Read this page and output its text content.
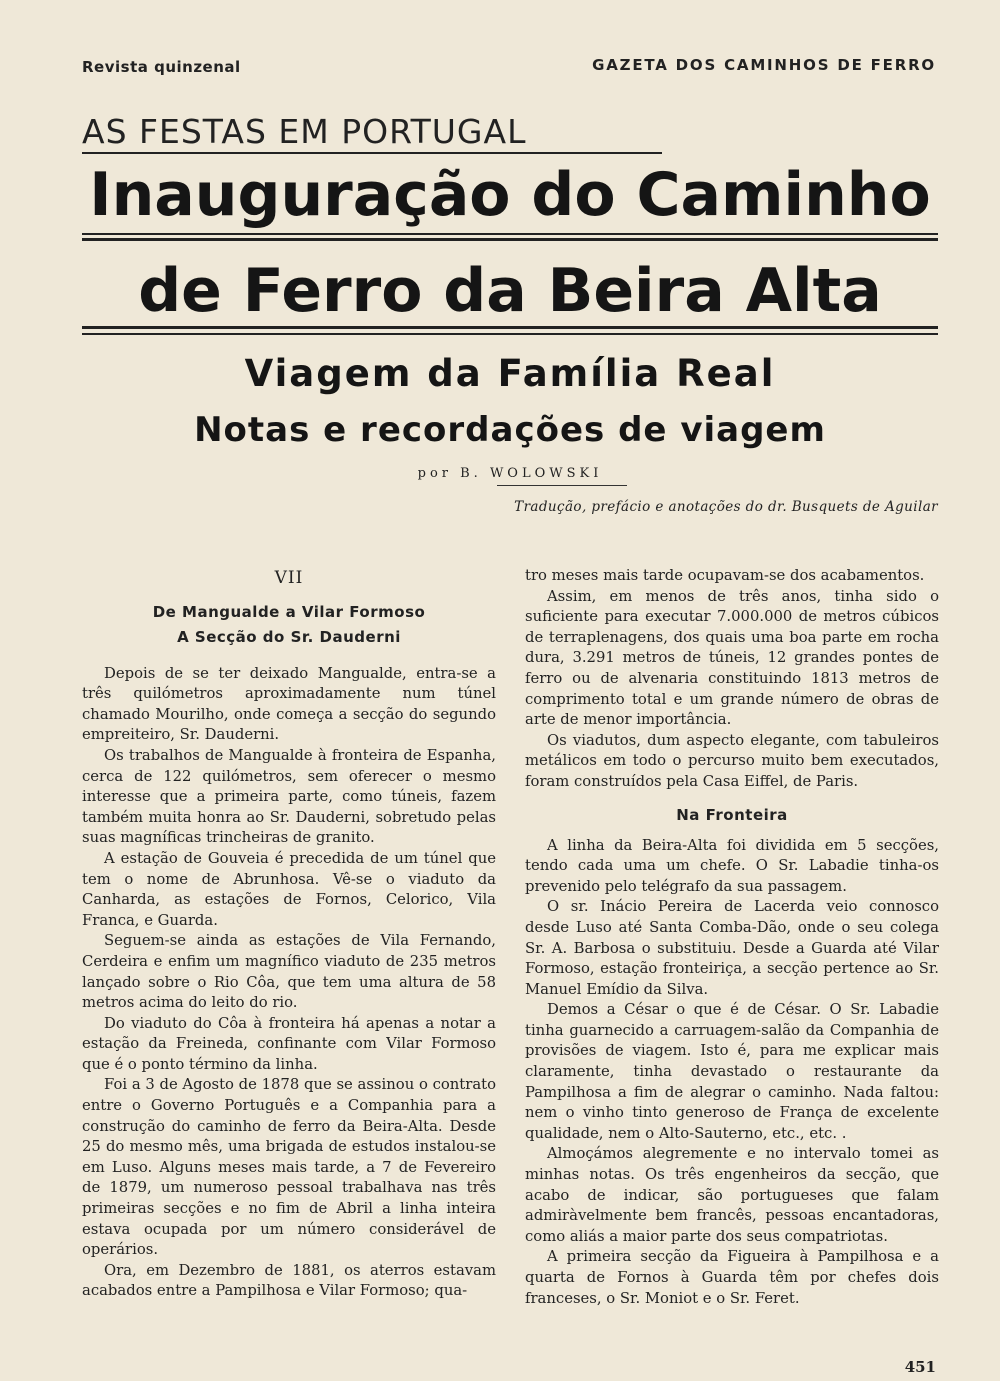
Revista quinzenal	GAZETA DOS CAMINHOS DE FERRO
AS FESTAS EM PORTUGAL
Inauguração do Caminho
de Ferro da Beira Alta
Viagem da Família Real
Notas e recordações de viagem
por B. WOLOWSKI
Tradução, prefácio e anotações do dr. Busquets de Aguilar
VII
De Mangualde a Vilar Formoso
A Secção do Sr. Dauderni

Depois de se ter deixado Mangualde, entra-se a três quilómetros aproximadamente num túnel chamado Mourilho, onde começa a secção do segundo empreiteiro, Sr. Dauderni.

Os trabalhos de Mangualde à fronteira de Espanha, cerca de 122 quilómetros, sem oferecer o mesmo interesse que a primeira parte, como túneis, fazem também muita honra ao Sr. Dauderni, sobretudo pelas suas magníficas trincheiras de granito.

A estação de Gouveia é precedida de um túnel que tem o nome de Abrunhosa. Vê-se o viaduto da Canharda, as estações de Fornos, Celorico, Vila Franca, e Guarda.

Seguem-se ainda as estações de Vila Fernando, Cerdeira e enfim um magnífico viaduto de 235 metros lançado sobre o Rio Côa, que tem uma altura de 58 metros acima do leito do rio.

Do viaduto do Côa à fronteira há apenas a notar a estação da Freineda, confinante com Vilar Formoso que é o ponto término da linha.

Foi a 3 de Agosto de 1878 que se assinou o contrato entre o Governo Português e a Companhia para a construção do caminho de ferro da Beira-Alta. Desde 25 do mesmo mês, uma brigada de estudos instalou-se em Luso. Alguns meses mais tarde, a 7 de Fevereiro de 1879, um numeroso pessoal trabalhava nas três primeiras secções e no fim de Abril a linha inteira estava ocupada por um número considerável de operários.

Ora, em Dezembro de 1881, os aterros estavam acabados entre a Pampilhosa e Vilar Formoso; qua-

tro meses mais tarde ocupavam-se dos acabamentos.

Assim, em menos de três anos, tinha sido o suficiente para executar 7.000.000 de metros cúbicos de terraplenagens, dos quais uma boa parte em rocha dura, 3.291 metros de túneis, 12 grandes pontes de ferro ou de alvenaria constituindo 1813 metros de comprimento total e um grande número de obras de arte de menor importância.

Os viadutos, dum aspecto elegante, com tabuleiros metálicos em todo o percurso muito bem executados, foram construídos pela Casa Eiffel, de Paris.

Na Fronteira

A linha da Beira-Alta foi dividida em 5 secções, tendo cada uma um chefe. O Sr. Labadie tinha-os prevenido pelo telégrafo da sua passagem.

O sr. Inácio Pereira de Lacerda veio connosco desde Luso até Santa Comba-Dão, onde o seu colega Sr. A. Barbosa o substituiu. Desde a Guarda até Vilar Formoso, estação fronteiriça, a secção pertence ao Sr. Manuel Emídio da Silva.

Demos a César o que é de César. O Sr. Labadie tinha guarnecido a carruagem-salão da Companhia de provisões de viagem. Isto é, para me explicar mais claramente, tinha devastado o restaurante da Pampilhosa a fim de alegrar o caminho. Nada faltou: nem o vinho tinto generoso de França de excelente qualidade, nem o Alto-Sauterno, etc., etc. .

Almoçámos alegremente e no intervalo tomei as minhas notas. Os três engenheiros da secção, que acabo de indicar, são portugueses que falam admiràvelmente bem francês, pessoas encantadoras, como aliás a maior parte dos seus compatriotas.

A primeira secção da Figueira à Pampilhosa e a quarta de Fornos à Guarda têm por chefes dois franceses, o Sr. Moniot e o Sr. Feret.

451
